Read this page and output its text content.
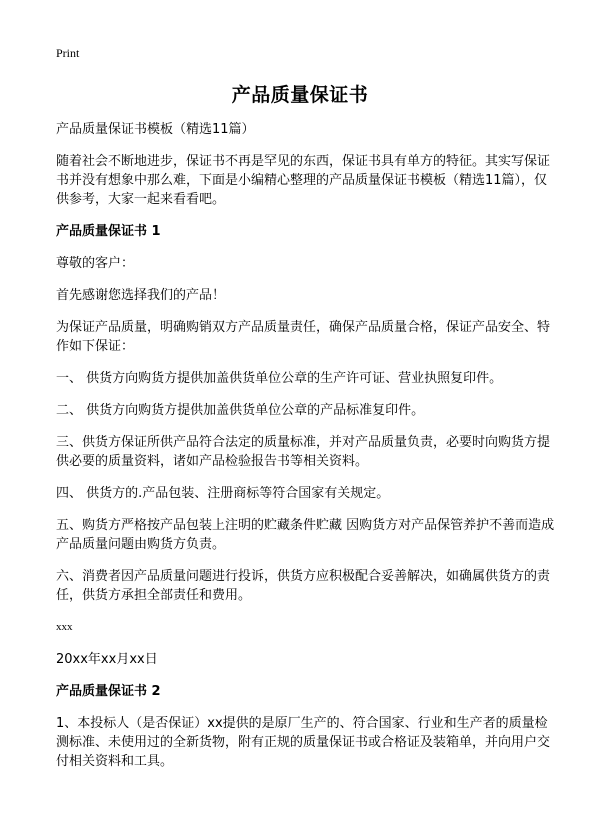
Print
产品质量保证书

产品质量保证书模板（精选11篇）

随着社会不断地进步，保证书不再是罕见的东西，保证书具有单方的特征。其实写保证书并没有想象中那么难，下面是小编精心整理的产品质量保证书模板（精选11篇），仅供参考，大家一起来看看吧。

产品质量保证书 1

尊敬的客户：

首先感谢您选择我们的产品！

为保证产品质量，明确购销双方产品质量责任，确保产品质量合格，保证产品安全、特作如下保证：

一、 供货方向购货方提供加盖供货单位公章的生产许可证、营业执照复印件。

二、 供货方向购货方提供加盖供货单位公章的产品标准复印件。

三、供货方保证所供产品符合法定的质量标准，并对产品质量负责，必要时向购货方提供必要的质量资料，诸如产品检验报告书等相关资料。

四、 供货方的.产品包装、注册商标等符合国家有关规定。

五、购货方严格按产品包装上注明的贮藏条件贮藏 因购货方对产品保管养护不善而造成产品质量问题由购货方负责。

六、消费者因产品质量问题进行投诉，供货方应积极配合妥善解决，如确属供货方的责任，供货方承担全部责任和费用。

xxx

20xx年xx月xx日

产品质量保证书 2

1、本投标人（是否保证）xx提供的是原厂生产的、符合国家、行业和生产者的质量检测标准、未使用过的全新货物，附有正规的质量保证书或合格证及装箱单，并向用户交付相关资料和工具。
